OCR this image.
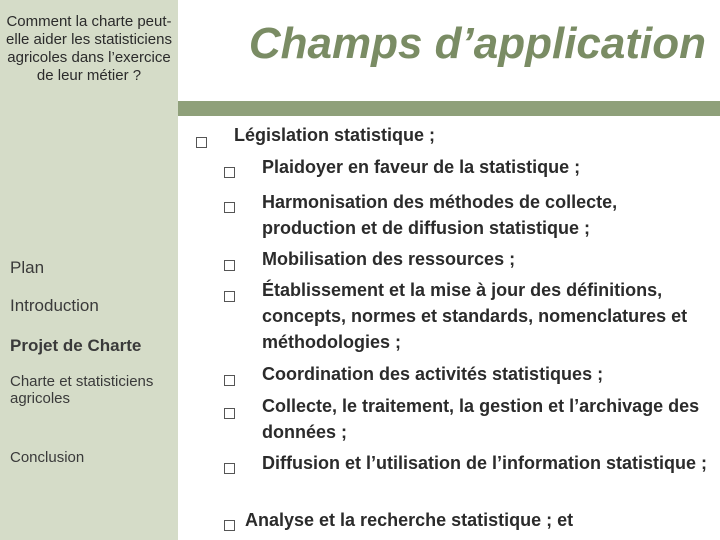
Comment la charte peut-elle aider les statisticiens agricoles dans l’exercice de leur métier ?
Plan
Introduction
Projet de Charte
Charte et statisticiens agricoles
Conclusion
Champs d’application
Législation statistique ;
Plaidoyer en faveur de la statistique ;
Harmonisation des méthodes de collecte, production et de diffusion statistique ;
Mobilisation des ressources ;
Établissement et la mise à jour des définitions, concepts, normes et standards, nomenclatures et méthodologies ;
Coordination des activités statistiques ;
Collecte, le traitement, la gestion et l’archivage des données ;
Diffusion et l’utilisation de l’information statistique ;
Analyse et la recherche statistique ; et
